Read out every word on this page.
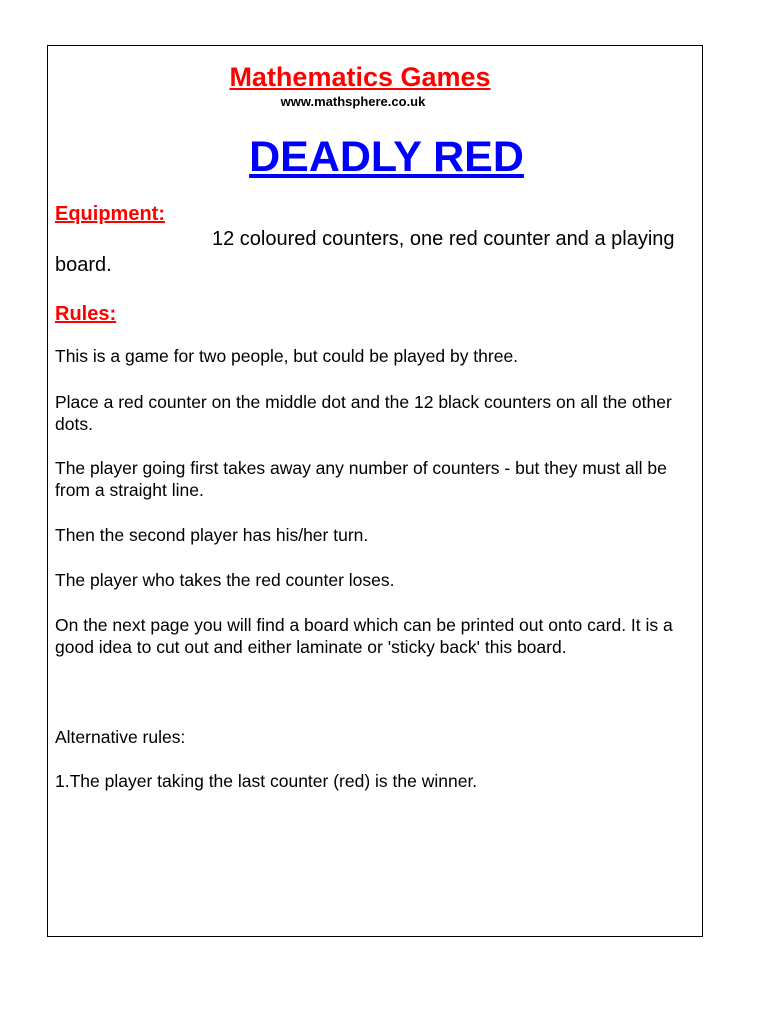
Mathematics Games
www.mathsphere.co.uk
DEADLY RED
Equipment:

12 coloured counters, one red counter and a playing board.

Rules:

This is a game for two people, but could be played by three.

Place a red counter on the middle dot and the 12 black counters on all the other dots.

The player going first takes away any number of counters - but they must all be from a straight line.

Then the second player has his/her turn.

The player who takes the red counter loses.

On the next page you will find a board which can be printed out onto card. It is a good idea to cut out and either laminate or 'sticky back' this board.

Alternative rules:

1.The player taking the last counter (red) is the winner.
